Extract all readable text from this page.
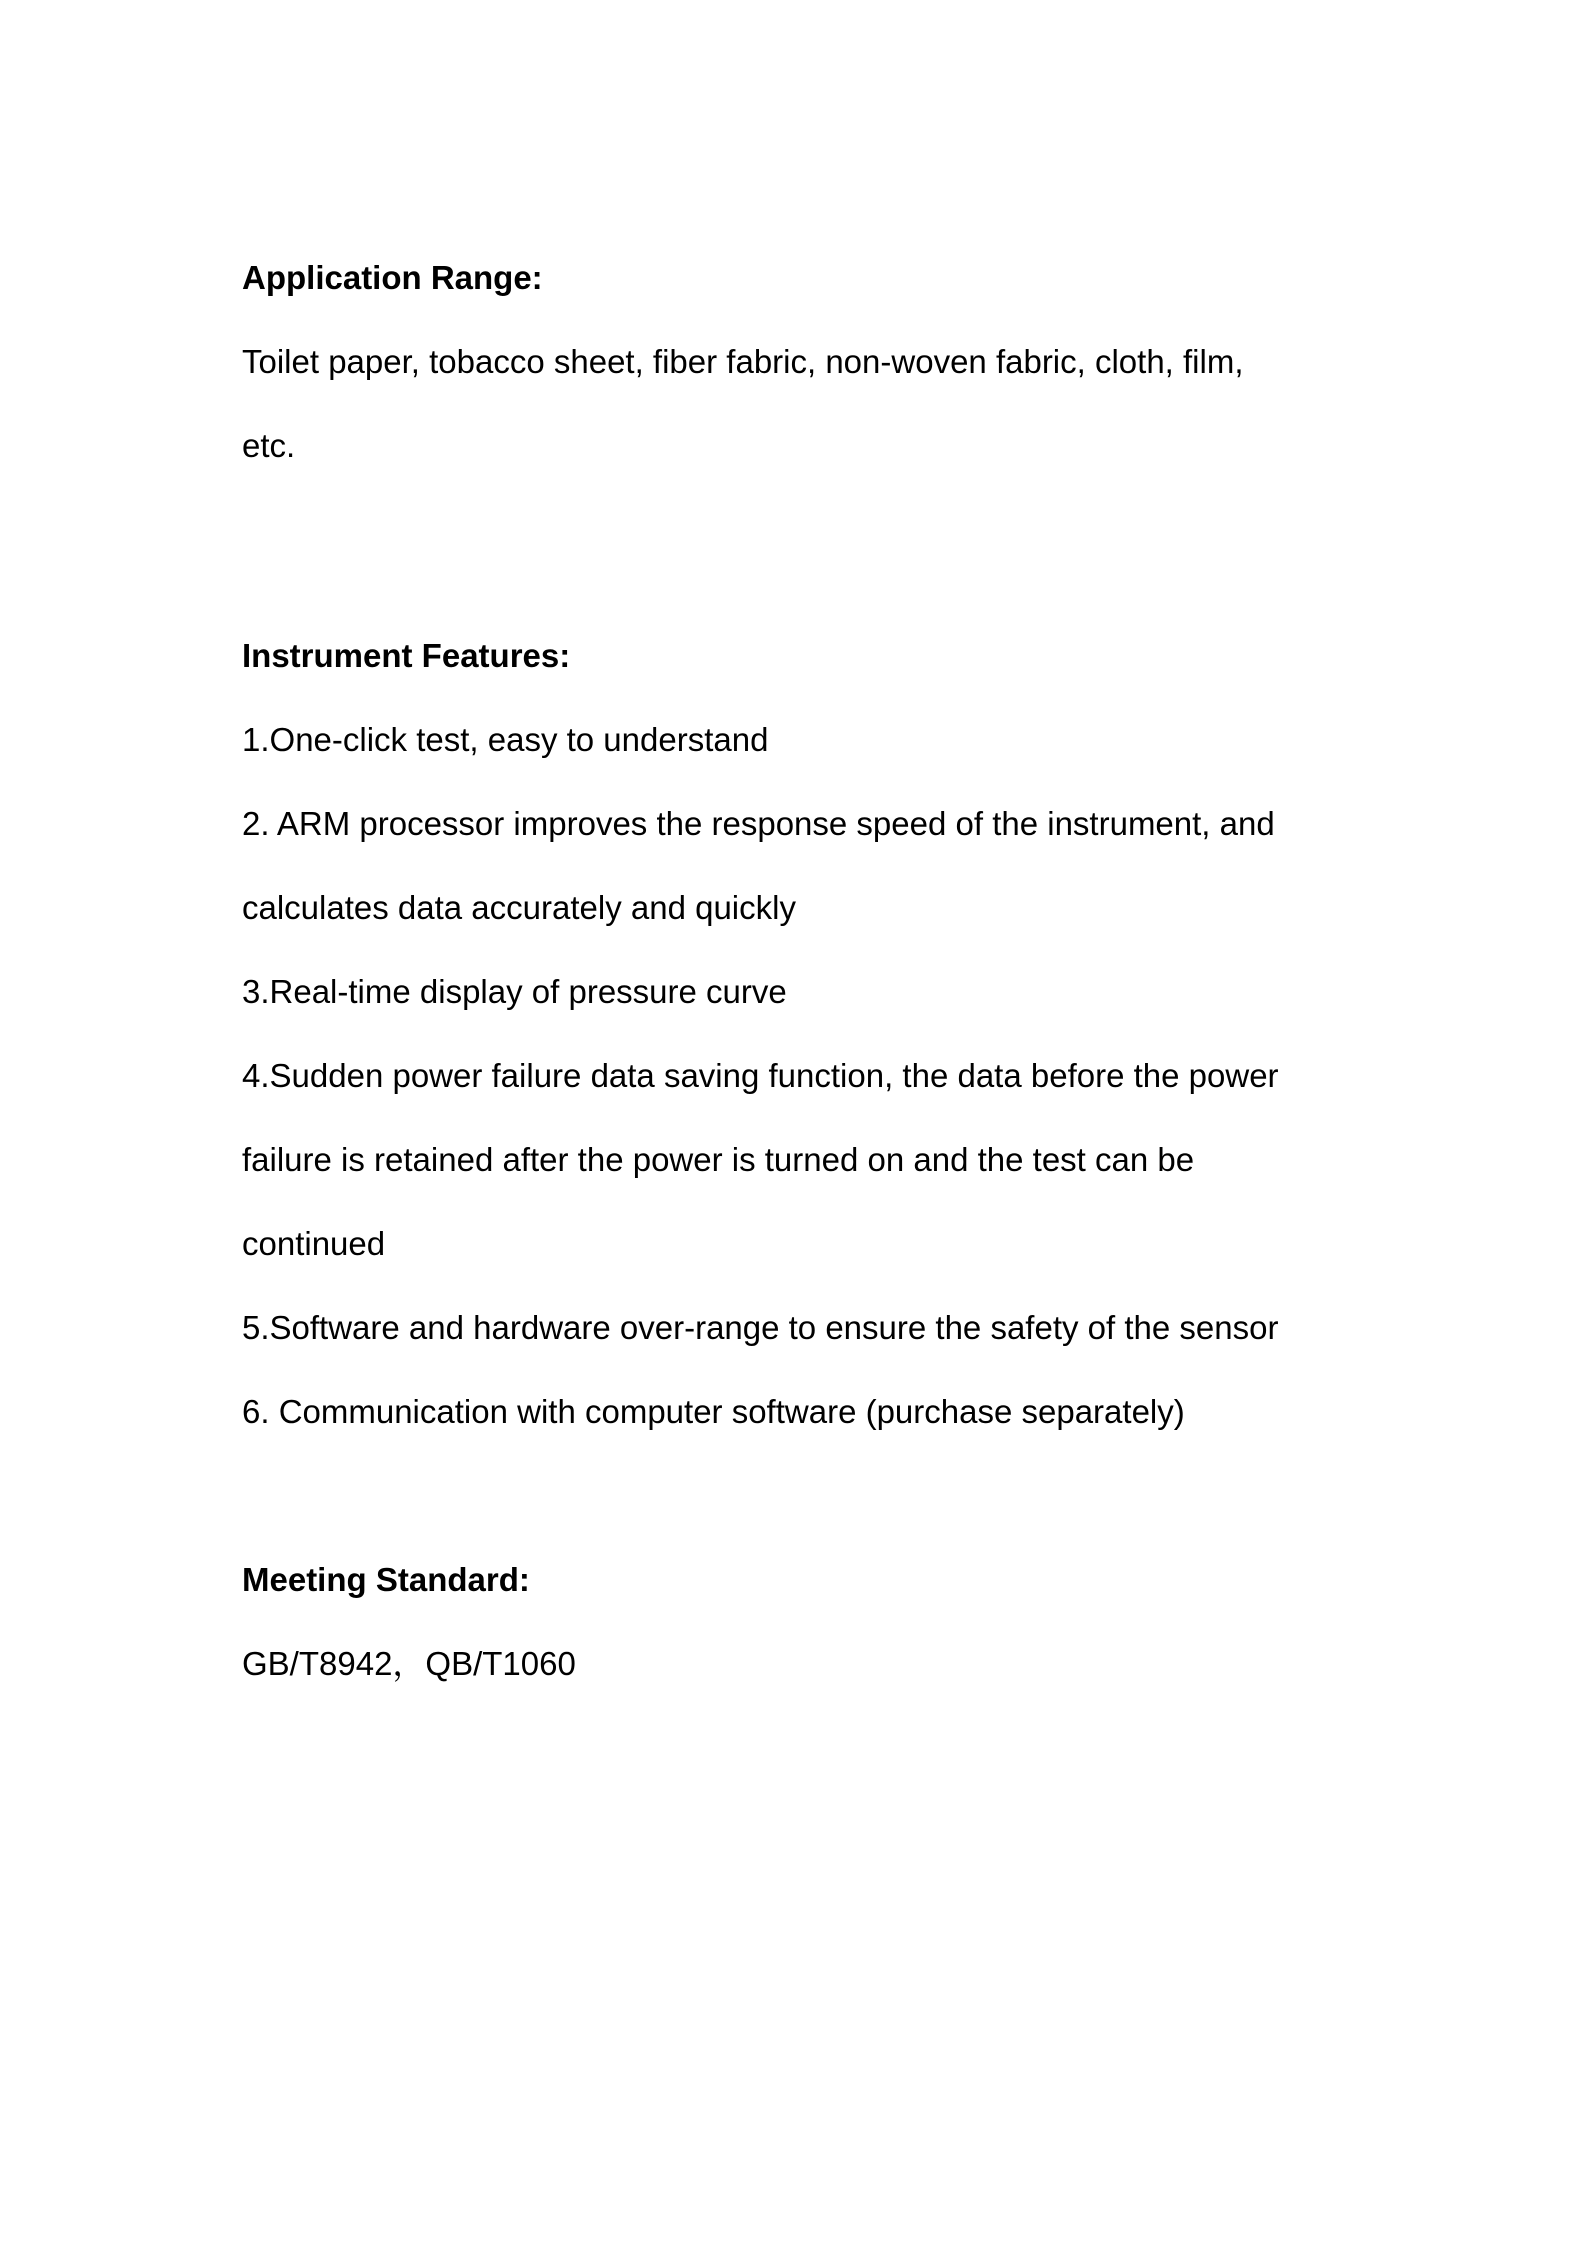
Application Range:
Toilet paper, tobacco sheet, fiber fabric, non-woven fabric, cloth, film,
etc.
Instrument Features:
1.One-click test, easy to understand
2. ARM processor improves the response speed of the instrument, and
calculates data accurately and quickly
3.Real-time display of pressure curve
4.Sudden power failure data saving function, the data before the power
failure is retained after the power is turned on and the test can be
continued
5.Software and hardware over-range to ensure the safety of the sensor
6. Communication with computer software (purchase separately)
Meeting Standard:
GB/T8942，QB/T1060
